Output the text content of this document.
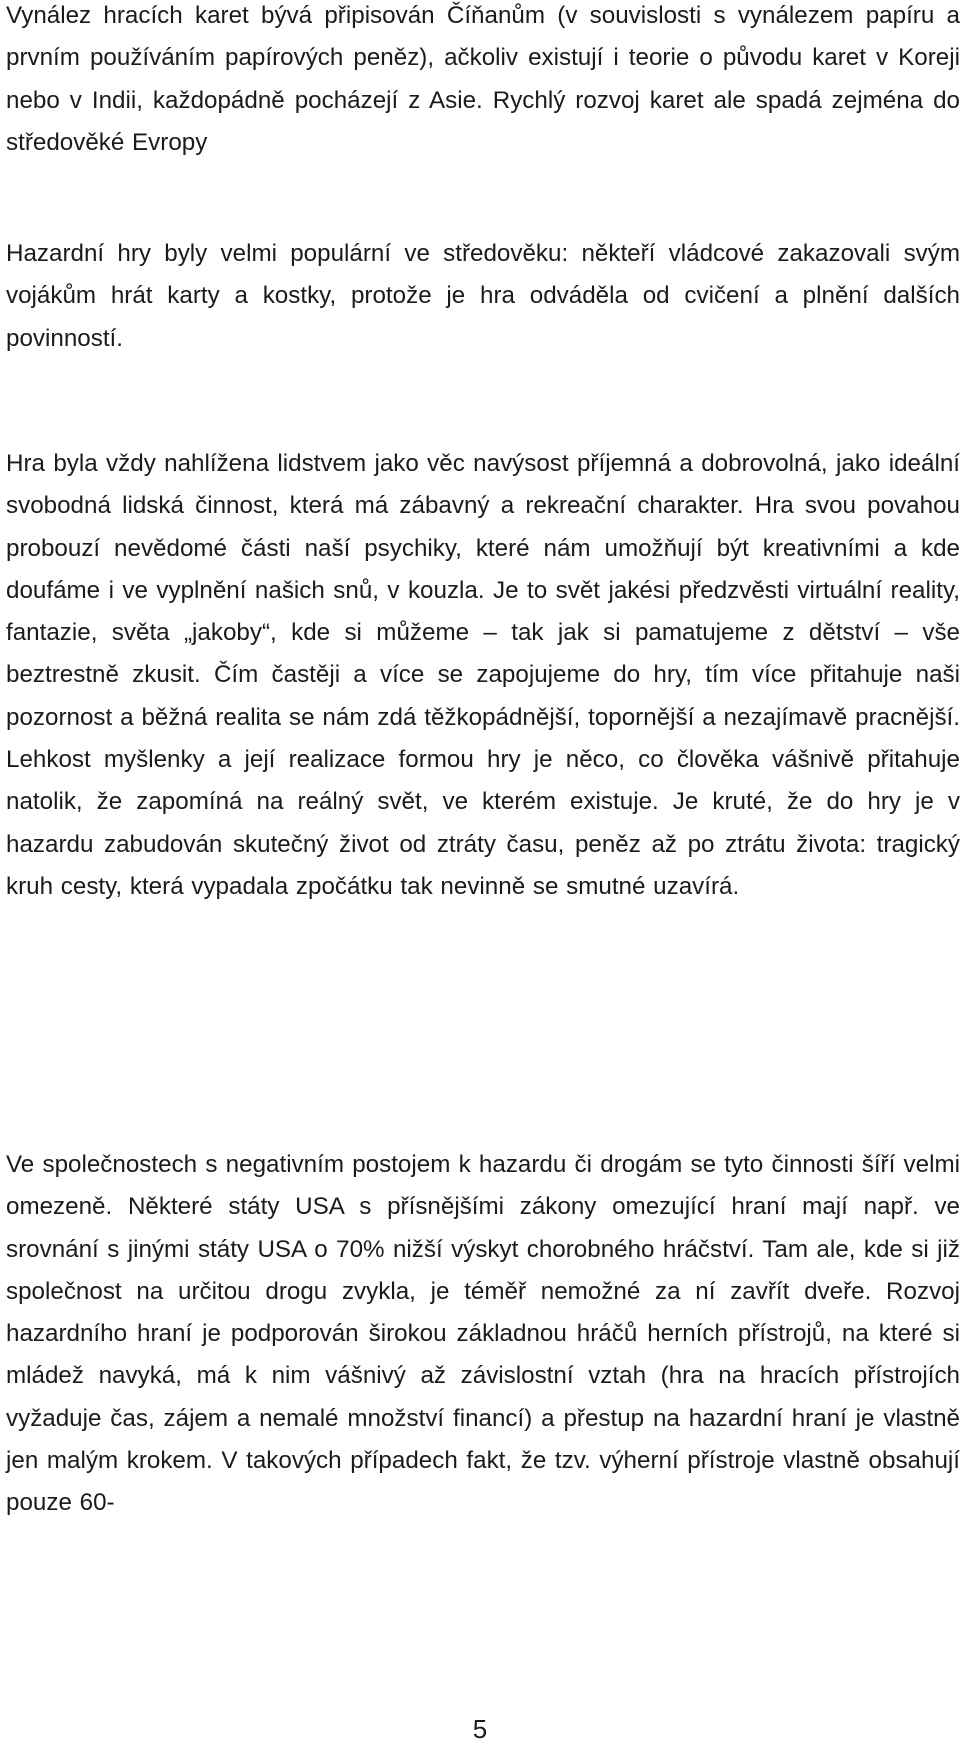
Vynález hracích karet bývá připisován Číňanům (v souvislosti s vynálezem papíru a prvním používáním papírových peněz), ačkoliv existují i teorie o původu karet v Koreji nebo v Indii, každopádně pocházejí z Asie. Rychlý rozvoj karet ale spadá zejména do středověké Evropy

Hazardní hry byly velmi populární ve středověku: někteří vládcové zakazovali svým vojákům hrát karty a kostky, protože je hra odváděla od cvičení a plnění dalších povinností.

Hra byla vždy nahlížena lidstvem jako věc navýsost příjemná a dobrovolná, jako ideální svobodná lidská činnost, která má zábavný a rekreační charakter. Hra svou povahou probouzí nevědomé části naší psychiky, které nám umožňují být kreativními a kde doufáme i ve vyplnění našich snů, v kouzla. Je to svět jakési předzvěsti virtuální reality, fantazie, světa „jakoby“, kde si můžeme – tak jak si pamatujeme z dětství – vše beztrestně zkusit. Čím častěji a více se zapojujeme do hry, tím více přitahuje naši pozornost a běžná realita se nám zdá těžkopádnější, topornější a nezajímavě pracnější. Lehkost myšlenky a její realizace formou hry je něco, co člověka vášnivě přitahuje natolik, že zapomíná na reálný svět, ve kterém existuje. Je kruté, že do hry je v hazardu zabudován skutečný život od ztráty času, peněz až po ztrátu života: tragický kruh cesty, která vypadala zpočátku tak nevinně se smutné uzavírá.

Ve společnostech s negativním postojem k hazardu či drogám se tyto činnosti šíří velmi omezeně. Některé státy USA s přísnějšími zákony omezující hraní mají např. ve srovnání s jinými státy USA o 70% nižší výskyt chorobného hráčství. Tam ale, kde si již společnost na určitou drogu zvykla, je téměř nemožné za ní zavřít dveře. Rozvoj hazardního hraní je podporován širokou základnou hráčů herních přístrojů, na které si mládež navyká, má k nim vášnivý až závislostní vztah (hra na hracích přístrojích vyžaduje čas, zájem a nemalé množství financí) a přestup na hazardní hraní je vlastně jen malým krokem. V takových případech fakt, že tzv. výherní přístroje vlastně obsahují pouze 60-

5
